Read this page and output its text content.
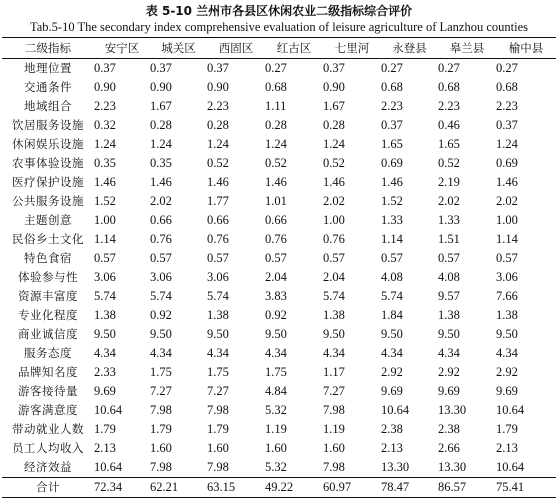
表 5-10 兰州市各县区休闲农业二级指标综合评价
Tab.5-10 The secondary index comprehensive evaluation of leisure agriculture of Lanzhou counties
二级指标	安宁区	城关区	西固区	红古区	七里河	永登县	皋兰县	榆中县
地理位置	0.37	0.37	0.37	0.27	0.37	0.27	0.27	0.27
交通条件	0.90	0.90	0.90	0.68	0.90	0.68	0.68	0.68
地域组合	2.23	1.67	2.23	1.11	1.67	2.23	2.23	2.23
饮居服务设施	0.32	0.28	0.28	0.28	0.28	0.37	0.46	0.37
休闲娱乐设施	1.24	1.24	1.24	1.24	1.24	1.65	1.65	1.24
农事体验设施	0.35	0.35	0.52	0.52	0.52	0.69	0.52	0.69
医疗保护设施	1.46	1.46	1.46	1.46	1.46	1.46	2.19	1.46
公共服务设施	1.52	2.02	1.77	1.01	2.02	1.52	2.02	2.02
主题创意	1.00	0.66	0.66	0.66	1.00	1.33	1.33	1.00
民俗乡土文化	1.14	0.76	0.76	0.76	0.76	1.14	1.51	1.14
特色食宿	0.57	0.57	0.57	0.57	0.57	0.57	0.57	0.57
体验参与性	3.06	3.06	3.06	2.04	2.04	4.08	4.08	3.06
资源丰富度	5.74	5.74	5.74	3.83	5.74	5.74	9.57	7.66
专业化程度	1.38	0.92	1.38	0.92	1.38	1.84	1.38	1.38
商业诚信度	9.50	9.50	9.50	9.50	9.50	9.50	9.50	9.50
服务态度	4.34	4.34	4.34	4.34	4.34	4.34	4.34	4.34
品牌知名度	2.33	1.75	1.75	1.75	1.17	2.92	2.92	2.92
游客接待量	9.69	7.27	7.27	4.84	7.27	9.69	9.69	9.69
游客满意度	10.64	7.98	7.98	5.32	7.98	10.64	13.30	10.64
带动就业人数	1.79	1.79	1.79	1.19	1.19	2.38	2.38	1.79
员工人均收入	2.13	1.60	1.60	1.60	1.60	2.13	2.66	2.13
经济效益	10.64	7.98	7.98	5.32	7.98	13.30	13.30	10.64
合计	72.34	62.21	63.15	49.22	60.97	78.47	86.57	75.41
